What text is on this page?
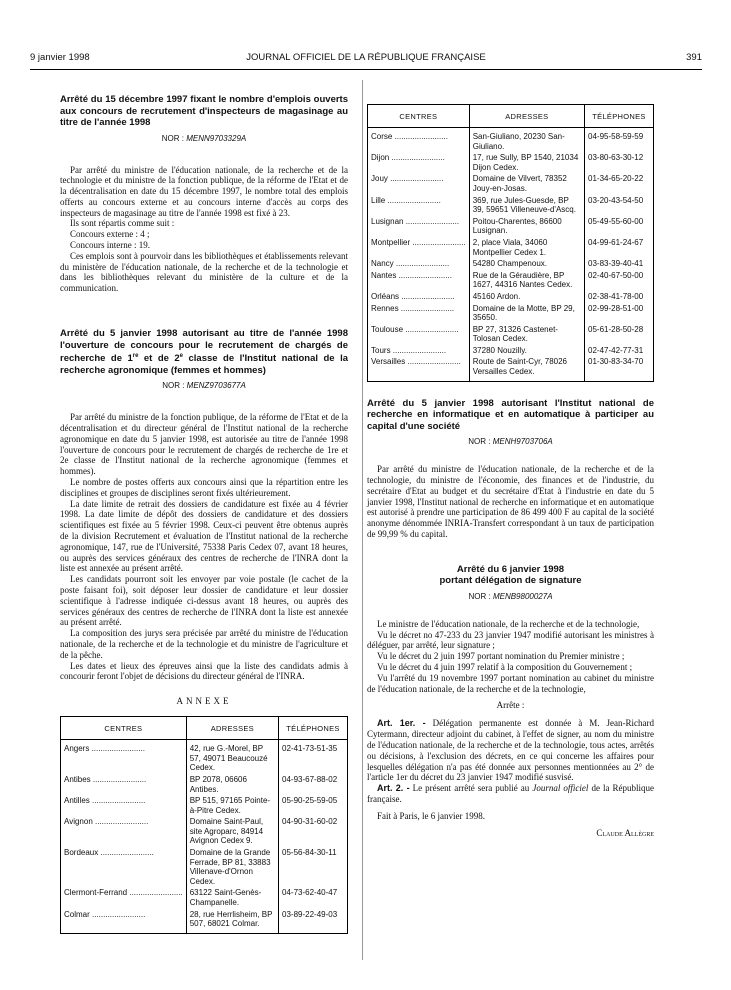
9 janvier 1998	JOURNAL OFFICIEL DE LA RÉPUBLIQUE FRANÇAISE	391
Arrêté du 15 décembre 1997 fixant le nombre d'emplois ouverts aux concours de recrutement d'inspecteurs de magasinage au titre de l'année 1998
NOR : MENN9703329A

Par arrêté du ministre de l'éducation nationale, de la recherche et de la technologie et du ministre de la fonction publique, de la réforme de l'Etat et de la décentralisation en date du 15 décembre 1997, le nombre total des emplois offerts au concours externe et au concours interne d'accès au corps des inspecteurs de magasinage au titre de l'année 1998 est fixé à 23.

Ils sont répartis comme suit :

Concours externe : 4 ;

Concours interne : 19.

Ces emplois sont à pourvoir dans les bibliothèques et établissements relevant du ministère de l'éducation nationale, de la recherche et de la technologie et dans les bibliothèques relevant du ministère de la culture et de la communication.

Arrêté du 5 janvier 1998 autorisant au titre de l'année 1998 l'ouverture de concours pour le recrutement de chargés de recherche de 1re et de 2e classe de l'Institut national de la recherche agronomique (femmes et hommes)
NOR : MENZ9703677A

Par arrêté du ministre de la fonction publique, de la réforme de l'Etat et de la décentralisation et du directeur général de l'Institut national de la recherche agronomique en date du 5 janvier 1998, est autorisée au titre de l'année 1998 l'ouverture de concours pour le recrutement de chargés de recherche de 1re et 2e classe de l'Institut national de la recherche agronomique (femmes et hommes).

Le nombre de postes offerts aux concours ainsi que la répartition entre les disciplines et groupes de disciplines seront fixés ultérieurement.

La date limite de retrait des dossiers de candidature est fixée au 4 février 1998. La date limite de dépôt des dossiers de candidature et des dossiers scientifiques est fixée au 5 février 1998. Ceux-ci peuvent être obtenus auprès de la division Recrutement et évaluation de l'Institut national de la recherche agronomique, 147, rue de l'Université, 75338 Paris Cedex 07, avant 18 heures, ou auprès des services généraux des centres de recherche de l'INRA dont la liste est annexée au présent arrêté.

Les candidats pourront soit les envoyer par voie postale (le cachet de la poste faisant foi), soit déposer leur dossier de candidature et leur dossier scientifique à l'adresse indiquée ci-dessus avant 18 heures, ou auprès des services généraux des centres de recherche de l'INRA dont la liste est annexée au présent arrêté.

La composition des jurys sera précisée par arrêté du ministre de l'éducation nationale, de la recherche et de la technologie et du ministre de l'agriculture et de la pêche.

Les dates et lieux des épreuves ainsi que la liste des candidats admis à concourir feront l'objet de décisions du directeur général de l'INRA.

ANNEXE
CENTRES	ADRESSES	TÉLÉPHONES
Angers ........................	42, rue G.-Morel, BP 57, 49071 Beaucouzé Cedex.	02-41-73-51-35
Antibes ........................	BP 2078, 06606 Antibes.	04-93-67-88-02
Antilles ........................	BP 515, 97165 Pointe-à-Pitre Cedex.	05-90-25-59-05
Avignon ........................	Domaine Saint-Paul, site Agroparc, 84914 Avignon Cedex 9.	04-90-31-60-02
Bordeaux ........................	Domaine de la Grande Ferrade, BP 81, 33883 Villenave-d'Ornon Cedex.	05-56-84-30-11
Clermont-Ferrand ........................	63122 Saint-Genès-Champanelle.	04-73-62-40-47
Colmar ........................	28, rue Herrlisheim, BP 507, 68021 Colmar.	03-89-22-49-03
CENTRES	ADRESSES	TÉLÉPHONES
Corse ........................	San-Giuliano, 20230 San-Giuliano.	04-95-58-59-59
Dijon ........................	17, rue Sully, BP 1540, 21034 Dijon Cedex.	03-80-63-30-12
Jouy ........................	Domaine de Vilvert, 78352 Jouy-en-Josas.	01-34-65-20-22
Lille ........................	369, rue Jules-Guesde, BP 39, 59651 Villeneuve-d'Ascq.	03-20-43-54-50
Lusignan ........................	Poitou-Charentes, 86600 Lusignan.	05-49-55-60-00
Montpellier ........................	2, place Viala, 34060 Montpellier Cedex 1.	04-99-61-24-67
Nancy ........................	54280 Champenoux.	03-83-39-40-41
Nantes ........................	Rue de la Géraudière, BP 1627, 44316 Nantes Cedex.	02-40-67-50-00
Orléans ........................	45160 Ardon.	02-38-41-78-00
Rennes ........................	Domaine de la Motte, BP 29, 35650.	02-99-28-51-00
Toulouse ........................	BP 27, 31326 Castenet-Tolosan Cedex.	05-61-28-50-28
Tours ........................	37280 Nouzilly.	02-47-42-77-31
Versailles ........................	Route de Saint-Cyr, 78026 Versailles Cedex.	01-30-83-34-70
Arrêté du 5 janvier 1998 autorisant l'Institut national de recherche en informatique et en automatique à participer au capital d'une société
NOR : MENH9703706A

Par arrêté du ministre de l'éducation nationale, de la recherche et de la technologie, du ministre de l'économie, des finances et de l'industrie, du secrétaire d'Etat au budget et du secrétaire d'Etat à l'industrie en date du 5 janvier 1998, l'Institut national de recherche en informatique et en automatique est autorisé à prendre une participation de 86 499 400 F au capital de la société anonyme dénommée INRIA-Transfert correspondant à un taux de participation de 99,99 % du capital.

Arrêté du 6 janvier 1998
portant délégation de signature
NOR : MENB9800027A

Le ministre de l'éducation nationale, de la recherche et de la technologie,

Vu le décret no 47-233 du 23 janvier 1947 modifié autorisant les ministres à déléguer, par arrêté, leur signature ;

Vu le décret du 2 juin 1997 portant nomination du Premier ministre ;

Vu le décret du 4 juin 1997 relatif à la composition du Gouvernement ;

Vu l'arrêté du 19 novembre 1997 portant nomination au cabinet du ministre de l'éducation nationale, de la recherche et de la technologie,

Arrête :

Art. 1er. - Délégation permanente est donnée à M. Jean-Richard Cytermann, directeur adjoint du cabinet, à l'effet de signer, au nom du ministre de l'éducation nationale, de la recherche et de la technologie, tous actes, arrêtés ou décisions, à l'exclusion des décrets, en ce qui concerne les affaires pour lesquelles délégation n'a pas été donnée aux personnes mentionnées au 2° de l'article 1er du décret du 23 janvier 1947 modifié susvisé.

Art. 2. - Le présent arrêté sera publié au Journal officiel de la République française.

Fait à Paris, le 6 janvier 1998.

Claude Allègre
